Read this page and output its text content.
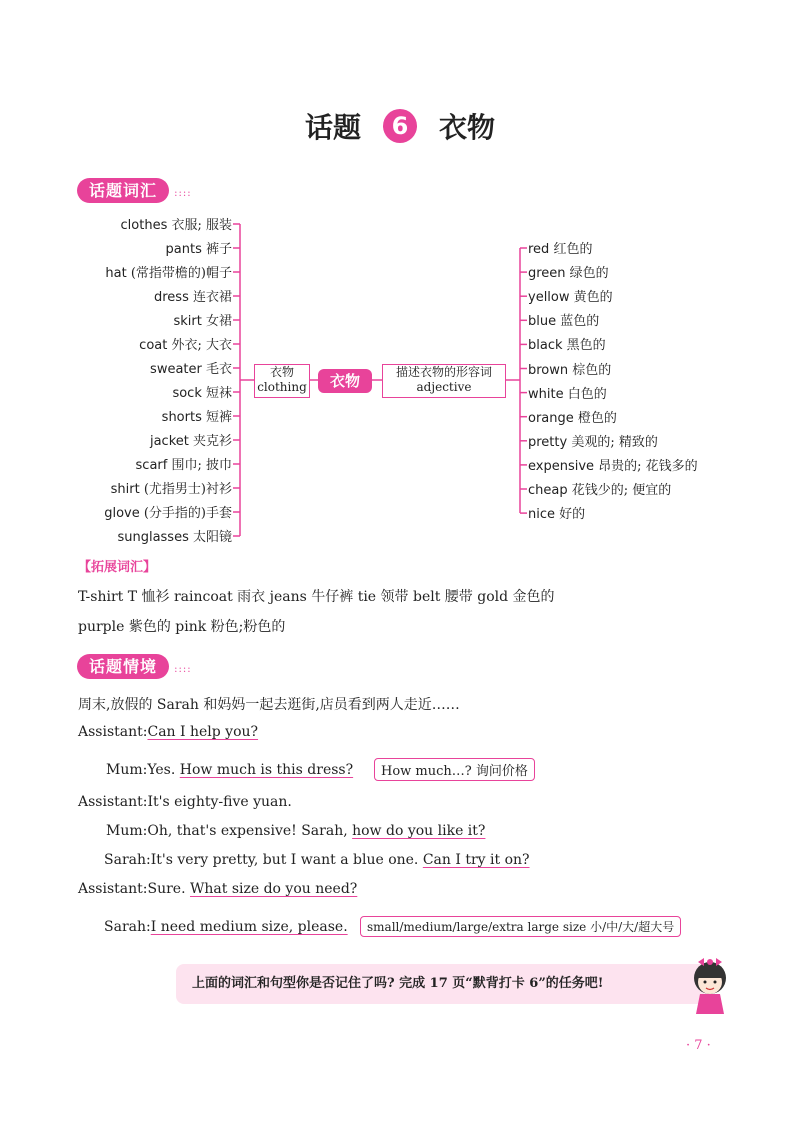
话题 6 衣物
话题词汇 ::::
clothes 衣服; 服装
pants 裤子
hat (常指带檐的)帽子
dress 连衣裙
skirt 女裙
coat 外衣; 大衣
sweater 毛衣
sock 短袜
shorts 短裤
jacket 夹克衫
scarf 围巾; 披巾
shirt (尤指男士)衬衫
glove (分手指的)手套
sunglasses 太阳镜
red 红色的
green 绿色的
yellow 黄色的
blue 蓝色的
black 黑色的
brown 棕色的
white 白色的
orange 橙色的
pretty 美观的; 精致的
expensive 昂贵的; 花钱多的
cheap 花钱少的; 便宜的
nice 好的
衣物
clothing	衣物	描述衣物的形容词
adjective
【拓展词汇】
T-shirt T 恤衫 raincoat 雨衣 jeans 牛仔裤 tie 领带 belt 腰带 gold 金色的
purple 紫色的 pink 粉色;粉色的
话题情境 ::::
周末,放假的 Sarah 和妈妈一起去逛街,店员看到两人走近……
Assistant:Can I help you?
Mum:Yes. How much is this dress?	How much…? 询问价格
Assistant:It's eighty-five yuan.
Mum:Oh, that's expensive! Sarah, how do you like it?
Sarah:It's very pretty, but I want a blue one. Can I try it on?
Assistant:Sure. What size do you need?
Sarah:I need medium size, please.	small/medium/large/extra large size 小/中/大/超大号
上面的词汇和句型你是否记住了吗? 完成 17 页“默背打卡 6”的任务吧!
· 7 ·
